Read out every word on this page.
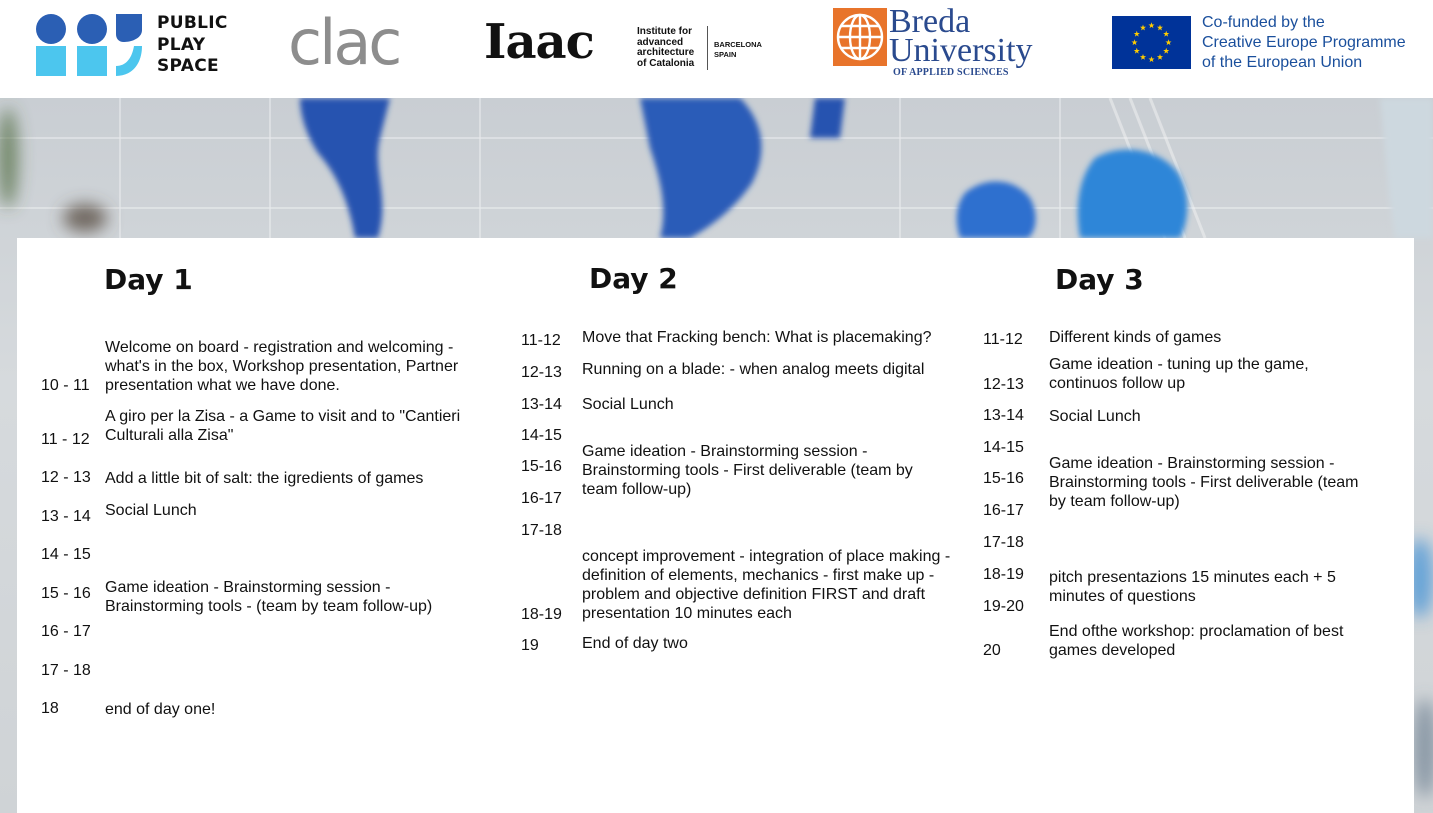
PUBLIC
PLAY
SPACE clac Iaac	Institute for
advanced
architecture
of Catalonia
BARCELONA
SPAIN
Breda
University
OF APPLIED SCIENCES
Co-funded by the
Creative Europe Programme
of the European Union
Day 1
10 - 11
11 - 12
12 - 13
13 - 14
14 - 15
15 - 16
16 - 17
17 - 18
18
Welcome on board - registration and welcoming -
what's in the box, Workshop presentation, Partner
presentation what we have done.
A giro per la Zisa - a Game to visit and to "Cantieri
Culturali alla Zisa"
Add a little bit of salt: the igredients of games
Social Lunch
Game ideation - Brainstorming session -
Brainstorming tools - (team by team follow-up)
end of day one!
Day 2
11-12
12-13
13-14
14-15
15-16
16-17
17-18
18-19
19
Move that Fracking bench: What is placemaking?
Running on a blade: - when analog meets digital
Social Lunch
Game ideation - Brainstorming session -
Brainstorming tools - First deliverable (team by
team follow-up)
concept improvement - integration of place making -
definition of elements, mechanics - first make up -
problem and objective definition FIRST and draft
presentation 10 minutes each
End of day two
Day 3
11-12
12-13
13-14
14-15
15-16
16-17
17-18
18-19
19-20
20
Different kinds of games
Game ideation - tuning up the game,
continuos follow up
Social Lunch
Game ideation - Brainstorming session -
Brainstorming tools - First deliverable (team
by team follow-up)
pitch presentazions 15 minutes each + 5
minutes of questions
End ofthe workshop: proclamation of best
games developed
